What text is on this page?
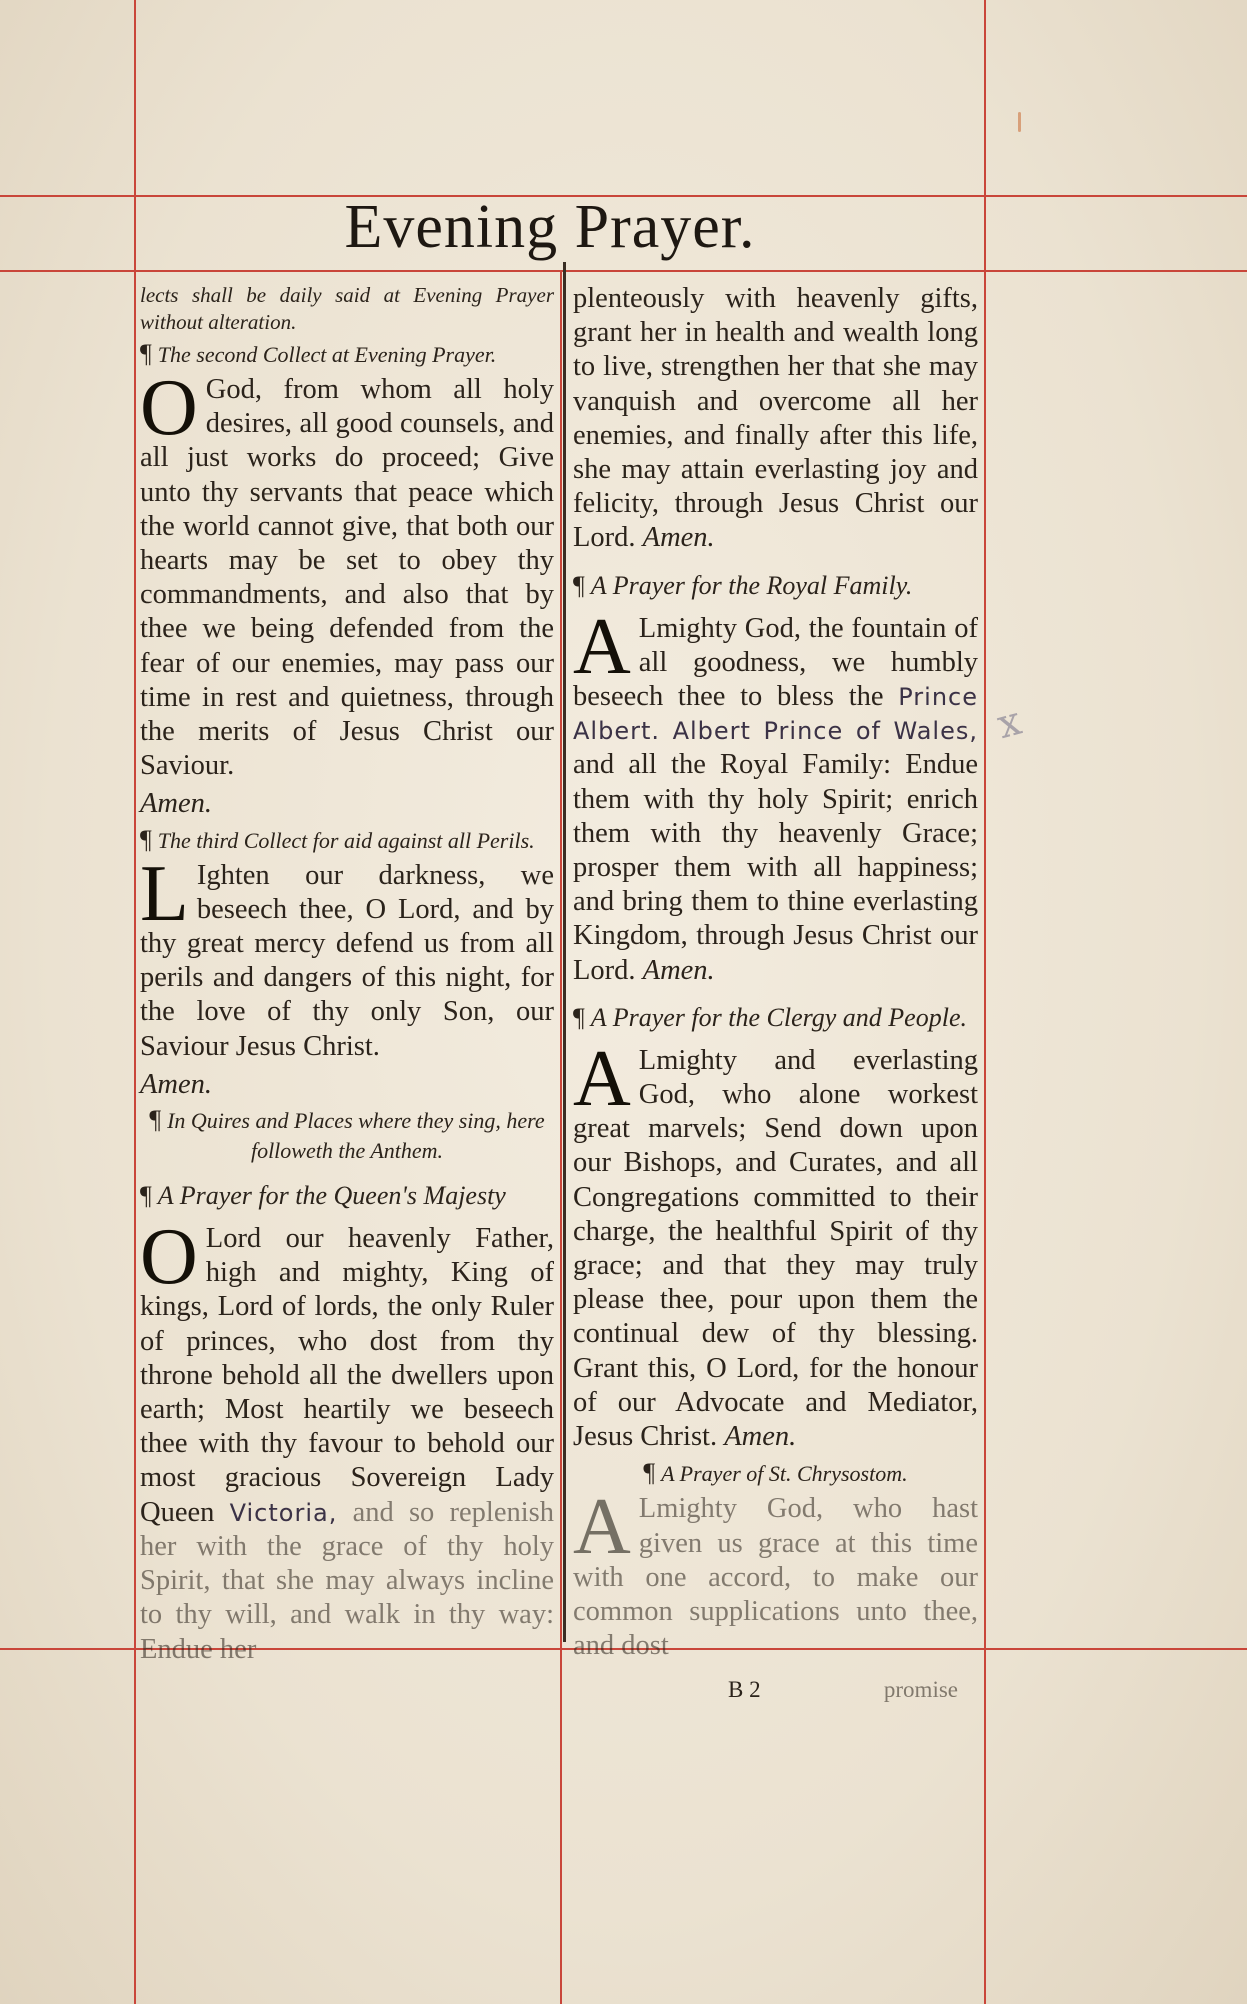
Evening Prayer.

lects shall be daily said at Evening Prayer without alteration.

¶ The second Collect at Evening Prayer.

O God, from whom all holy desires, all good counsels, and all just works do proceed; Give unto thy servants that peace which the world cannot give, that both our hearts may be set to obey thy commandments, and also that by thee we being defended from the fear of our enemies, may pass our time in rest and quietness, through the merits of Jesus Christ our Saviour.

Amen.

¶ The third Collect for aid against all Perils.

L Ighten our darkness, we beseech thee, O Lord, and by thy great mercy defend us from all perils and dangers of this night, for the love of thy only Son, our Saviour Jesus Christ.

Amen.

¶ In Quires and Places where they sing, here followeth the Anthem.

¶ A Prayer for the Queen's Majesty

O Lord our heavenly Father, high and mighty, King of kings, Lord of lords, the only Ruler of princes, who dost from thy throne behold all the dwellers upon earth; Most heartily we beseech thee with thy favour to behold our most gracious Sovereign Lady Queen Victoria, and so replenish her with the grace of thy holy Spirit, that she may always incline to thy will, and walk in thy way: Endue her

plenteously with heavenly gifts, grant her in health and wealth long to live, strengthen her that she may vanquish and overcome all her enemies, and finally after this life, she may attain everlasting joy and felicity, through Jesus Christ our Lord. Amen.

¶ A Prayer for the Royal Family.

A Lmighty God, the fountain of all goodness, we humbly beseech thee to bless the Prince Albert. Albert Prince of Wales, and all the Royal Family: Endue them with thy holy Spirit; enrich them with thy heavenly Grace; prosper them with all happiness; and bring them to thine everlasting Kingdom, through Jesus Christ our Lord. Amen.

¶ A Prayer for the Clergy and People.

A Lmighty and everlasting God, who alone workest great marvels; Send down upon our Bishops, and Curates, and all Congregations committed to their charge, the healthful Spirit of thy grace; and that they may truly please thee, pour upon them the continual dew of thy blessing. Grant this, O Lord, for the honour of our Advocate and Mediator, Jesus Christ. Amen.

¶ A Prayer of St. Chrysostom.

A Lmighty God, who hast given us grace at this time with one accord, to make our common supplications unto thee, and dost

B 2	promise
x
